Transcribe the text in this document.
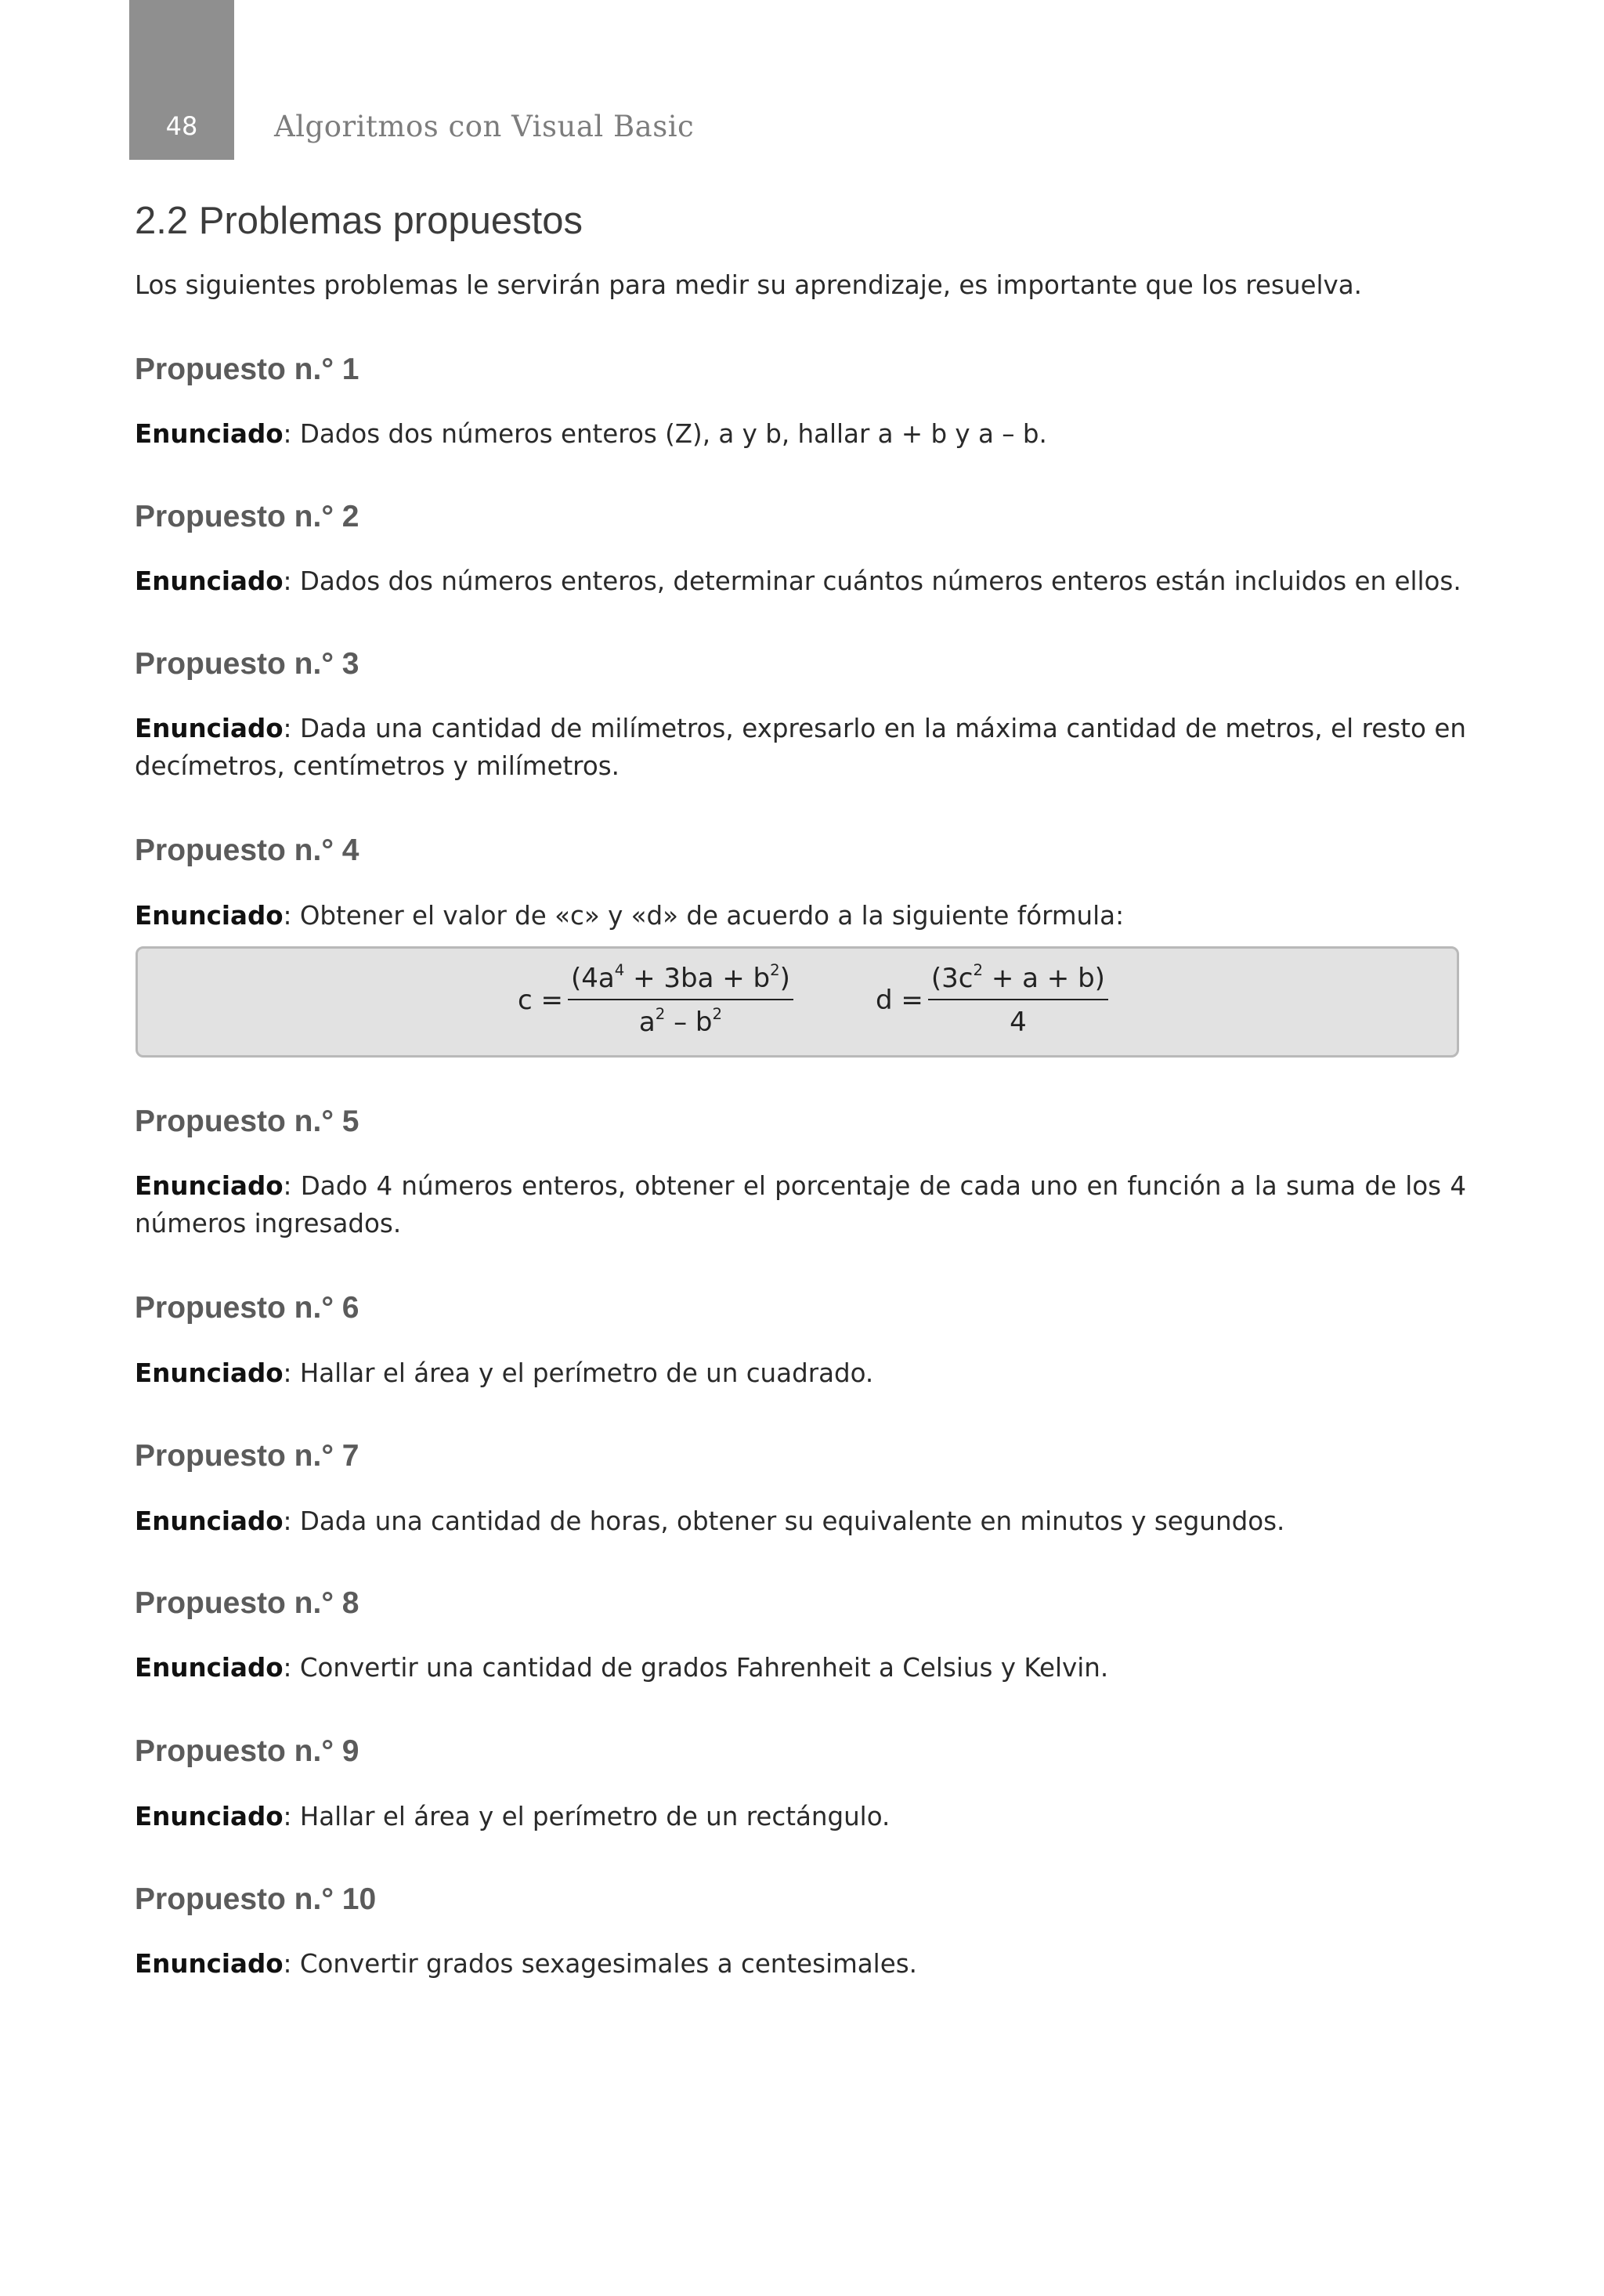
48	Algoritmos con Visual Basic
2.2 Problemas propuestos

Los siguientes problemas le servirán para medir su aprendizaje, es importante que los resuelva.

Propuesto n.° 1

Enunciado: Dados dos números enteros (Z), a y b, hallar a + b y a – b.

Propuesto n.° 2

Enunciado: Dados dos números enteros, determinar cuántos números enteros están incluidos en ellos.

Propuesto n.° 3

Enunciado: Dada una cantidad de milímetros, expresarlo en la máxima cantidad de metros, el resto en decímetros, centímetros y milímetros.

Propuesto n.° 4

Enunciado: Obtener el valor de «c» y «d» de acuerdo a la siguiente fórmula:

$c = \frac{(4a^4 + 3ba + b^2)}{a^2 - b^2}$	$d = \frac{(3c^2 + a + b)}{4}$
Propuesto n.° 5

Enunciado: Dado 4 números enteros, obtener el porcentaje de cada uno en función a la suma de los 4 números ingresados.

Propuesto n.° 6

Enunciado: Hallar el área y el perímetro de un cuadrado.

Propuesto n.° 7

Enunciado: Dada una cantidad de horas, obtener su equivalente en minutos y segundos.

Propuesto n.° 8

Enunciado: Convertir una cantidad de grados Fahrenheit a Celsius y Kelvin.

Propuesto n.° 9

Enunciado: Hallar el área y el perímetro de un rectángulo.

Propuesto n.° 10

Enunciado: Convertir grados sexagesimales a centesimales.
